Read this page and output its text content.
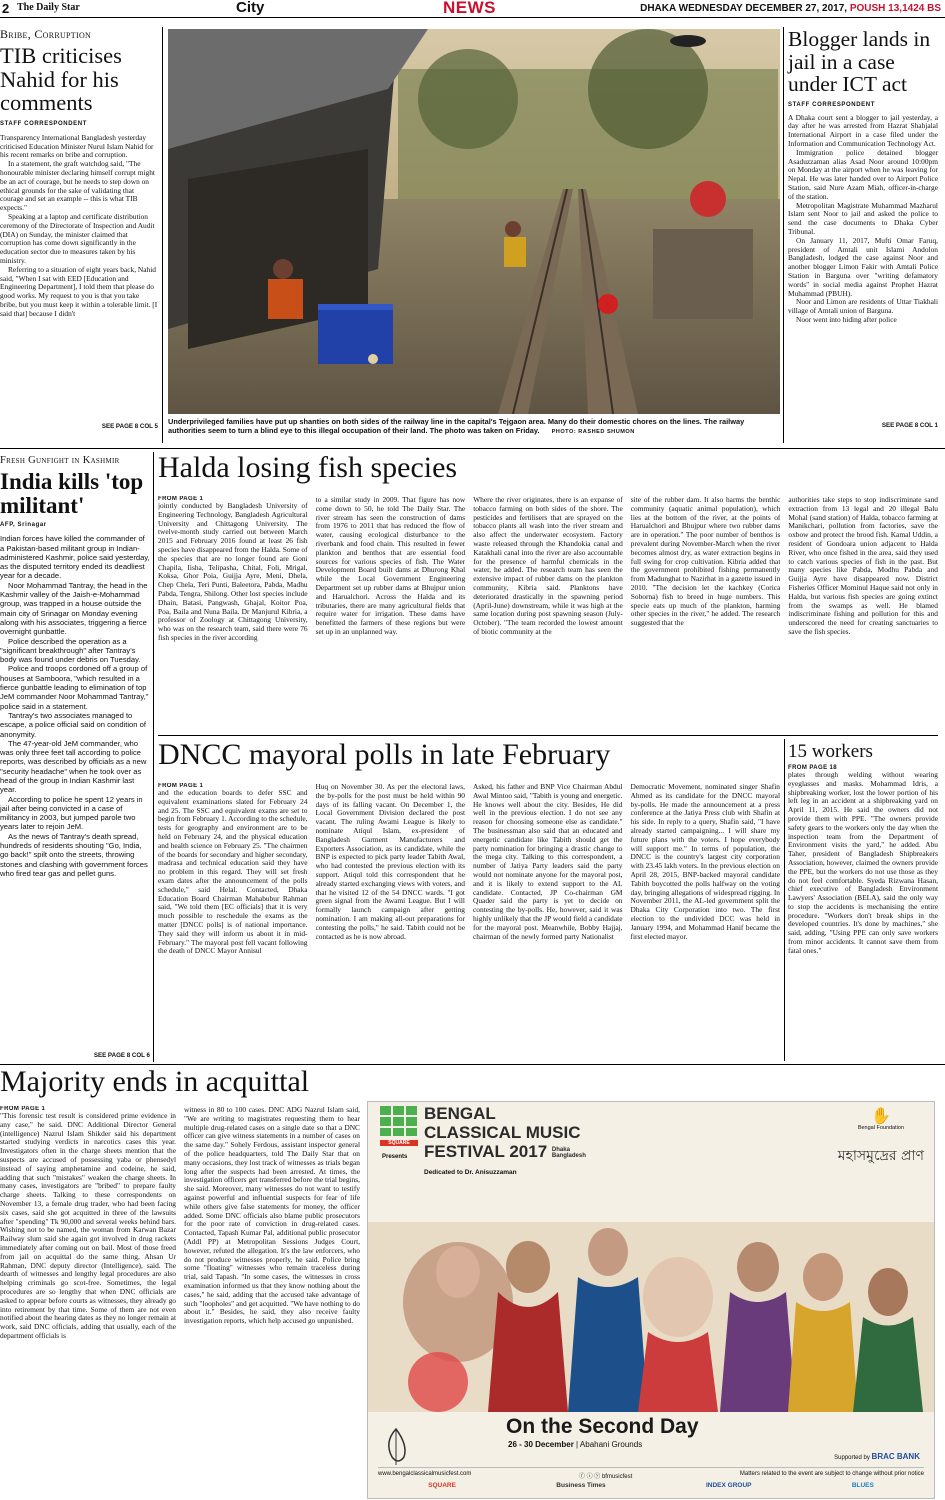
2 The Daily Star	City	NEWS	DHAKA WEDNESDAY DECEMBER 27, 2017, POUSH 13,1424 BS
Bribe, Corruption
TIB criticises Nahid for his comments
STAFF CORRESPONDENT

Transparency International Bangladesh yesterday criticised Education Minister Nurul Islam Nahid for his recent remarks on bribe and corruption.

In a statement, the graft watchdog said, "The honourable minister declaring himself corrupt might be an act of courage, but he needs to step down on ethical grounds for the sake of validating that courage and set an example -- this is what TIB expects."

Speaking at a laptop and certificate distribution ceremony of the Directorate of Inspection and Audit (DIA) on Sunday, the minister claimed that corruption has come down significantly in the education sector due to measures taken by his ministry.

Referring to a situation of eight years back, Nahid said, "When I sat with EED [Education and Engineering Department], I told them that please do good works. My request to you is that you take bribe, but you must keep it within a tolerable limit. [I said that] because I didn't

SEE PAGE 8 COL 5
Underprivileged families have put up shanties on both sides of the railway line in the capital's Tejgaon area. Many do their domestic chores on the lines. The railway authorities seem to turn a blind eye to this illegal occupation of their land. The photo was taken on Friday. PHOTO: RASHED SHUMON
Blogger lands in jail in a case under ICT act
STAFF CORRESPONDENT

A Dhaka court sent a blogger to jail yesterday, a day after he was arrested from Hazrat Shahjalal International Airport in a case filed under the Information and Communication Technology Act.

Immigration police detained blogger Asaduzzaman alias Asad Noor around 10:00pm on Monday at the airport when he was leaving for Nepal. He was later handed over to Airport Police Station, said Nure Azam Miah, officer-in-charge of the station.

Metropolitan Magistrate Muhammad Mazharul Islam sent Noor to jail and asked the police to send the case documents to Dhaka Cyber Tribunal.

On January 11, 2017, Mufti Omar Faruq, president of Amtali unit Islami Andolon Bangladesh, lodged the case against Noor and another blogger Limon Fakir with Amtali Police Station in Barguna over "writing defamatory words" in social media against Prophet Hazrat Muhammad (PBUH).

Noor and Limon are residents of Uttar Tiakhali village of Amtali union of Barguna.

Noor went into hiding after police

SEE PAGE 8 COL 1
Fresh Gunfight in Kashmir
India kills 'top militant'
AFP, Srinagar

Indian forces have killed the commander of a Pakistan-based militant group in Indian-administered Kashmir, police said yesterday, as the disputed territory ended its deadliest year for a decade.

Noor Mohammad Tantray, the head in the Kashmir valley of the Jaish-e-Mohammad group, was trapped in a house outside the main city of Srinagar on Monday evening along with his associates, triggering a fierce overnight gunbattle.

Police described the operation as a "significant breakthrough" after Tantray's body was found under debris on Tuesday.

Police and troops cordoned off a group of houses at Samboora, "which resulted in a fierce gunbattle leading to elimination of top JeM commander Noor Mohammad Tantray," police said in a statement.

Tantray's two associates managed to escape, a police official said on condition of anonymity.

The 47-year-old JeM commander, who was only three feet tall according to police reports, was described by officials as a new "security headache" when he took over as head of the group in Indian Kashmir last year.

According to police he spent 12 years in jail after being convicted in a case of militancy in 2003, but jumped parole two years later to rejoin JeM.

As the news of Tantray's death spread, hundreds of residents shouting "Go, India, go back!" spilt onto the streets, throwing stones and clashing with government forces who fired tear gas and pellet guns.

SEE PAGE 8 COL 6
Halda losing fish species
FROM PAGE 1

jointly conducted by Bangladesh University of Engineering Technology, Bangladesh Agricultural University and Chittagong University. The twelve-month study carried out between March 2015 and February 2016 found at least 26 fish species have disappeared from the Halda. Some of the species that are no longer found are Goni Chapila, Iisha, Telipasha, Chital, Foli, Mrigal, Koksa, Ghor Poia, Guijja Ayre, Meni, Dhela, Chep Chela, Teri Punti, Baleetora, Pabda, Madhu Pabda, Tengra, Shilong. Other lost species include Dhain, Batasi, Pangwash, Ghajal, Koitor Poa, Poa, Baila and Nuna Baila. Dr Manjurul Kibria, a professor of Zoology at Chittagong University, who was on the research team, said there were 76 fish species in the river according

to a similar study in 2009. That figure has now come down to 50, he told The Daily Star. The river stream has seen the construction of dams from 1976 to 2011 that has reduced the flow of water, causing ecological disturbance to the riverbank and food chain. This resulted in fewer plankton and benthos that are essential food sources for various species of fish. The Water Development Board built dams at Dhurong Khal while the Local Government Engineering Department set up rubber dams at Bhujpur union and Harualchori. Across the Halda and its tributaries, there are many agricultural fields that require water for irrigation. These dams have benefitted the farmers of these regions but were set up in an unplanned way.

Where the river originates, there is an expanse of tobacco farming on both sides of the shore. The pesticides and fertilisers that are sprayed on the tobacco plants all wash into the river stream and also affect the underwater ecosystem. Factory waste released through the Khandokia canal and Katakhali canal into the river are also accountable for the presence of harmful chemicals in the water, he added. The research team has seen the extensive impact of rubber dams on the plankton community, Kibria said. Planktons have deteriorated drastically in the spawning period (April-June) downstream, while it was high at the same location during post spawning season (July-October). "The team recorded the lowest amount of biotic community at the

site of the rubber dam. It also harms the benthic community (aquatic animal population), which lies at the bottom of the river, at the points of Harualchori and Bhujpur where two rubber dams are in operation." The poor number of benthos is prevalent during November-March when the river becomes almost dry, as water extraction begins in full swing for crop cultivation. Kibria added that the government prohibited fishing permanently from Madunghat to Nazirhat in a gazette issued in 2010. "The decision let the kachkey (Corica Soborna) fish to breed in huge numbers. This specie eats up much of the plankton, harming other species in the river," he added. The research suggested that the

authorities take steps to stop indiscriminate sand extraction from 13 legal and 20 illegal Balu Mohal (sand station) of Halda, tobacco farming at Manikchari, pollution from factories, save the oxbow and protect the brood fish. Kamal Uddin, a resident of Gondoara union adjacent to Halda River, who once fished in the area, said they used to catch various species of fish in the past. But many species like Pabda, Modhu Pabda and Guijja Ayre have disappeared now. District Fisheries Officer Mominul Haque said not only in Halda, but various fish species are going extinct from the swamps as well. He blamed indiscriminate fishing and pollution for this and underscored the need for creating sanctuaries to save the fish species.

DNCC mayoral polls in late February
FROM PAGE 1

and the education boards to defer SSC and equivalent examinations slated for February 24 and 25. The SSC and equivalent exams are set to begin from February 1. According to the schedule, tests for geography and environment are to be held on February 24, and the physical education and health science on February 25. "The chairmen of the boards for secondary and higher secondary, madrasa and technical education said they have no problem in this regard. They will set fresh exam dates after the announcement of the polls schedule," said Helal. Contacted, Dhaka Education Board Chairman Mahabubur Rahman said, "We told them [EC officials] that it is very much possible to reschedule the exams as the matter [DNCC polls] is of national importance. They said they will inform us about it in mid-February." The mayoral post fell vacant following the death of DNCC Mayor Annisul

Huq on November 30. As per the electoral laws, the by-polls for the post must be held within 90 days of its falling vacant. On December 1, the Local Government Division declared the post vacant. The ruling Awami League is likely to nominate Atiqul Islam, ex-president of Bangladesh Garment Manufacturers and Exporters Association, as its candidate, while the BNP is expected to pick party leader Tabith Awal, who had contested the previous election with its support. Atiqul told this correspondent that he already started exchanging views with voters, and that he visited 12 of the 54 DNCC wards. "I got green signal from the Awami League. But I will formally launch campaign after getting nomination. I am making all-out preparations for contesting the polls," he said. Tabith could not be contacted as he is now abroad.

Asked, his father and BNP Vice Chairman Abdul Awal Mintoo said, "Tabith is young and energetic. He knows well about the city. Besides, He did well in the previous election. I do not see any reason for choosing someone else as candidate." The businessman also said that an educated and energetic candidate like Tabith should get the party nomination for bringing a drastic change to the mega city. Talking to this correspondent, a number of Jatiya Party leaders said the party would not nominate anyone for the mayoral post, and it is likely to extend support to the AL candidate. Contacted, JP Co-chairman GM Quader said the party is yet to decide on contesting the by-polls. He, however, said it was highly unlikely that the JP would field a candidate for the mayoral post. Meanwhile, Bobby Hajjaj, chairman of the newly formed party Nationalist

Democratic Movement, nominated singer Shafin Ahmed as its candidate for the DNCC mayoral by-polls. He made the announcement at a press conference at the Jatiya Press club with Shafin at his side. In reply to a query, Shafin said, "I have already started campaigning... I will share my future plans with the voters. I hope everybody will support me." In terms of population, the DNCC is the country's largest city corporation with 23.45 lakh voters. In the previous election on April 28, 2015, BNP-backed mayoral candidate Tabith boycotted the polls halfway on the voting day, bringing allegations of widespread rigging. In November 2011, the AL-led government split the Dhaka City Corporation into two. The first election to the undivided DCC was held in January 1994, and Mohammad Hanif became the first elected mayor.

15 workers
FROM PAGE 18

plates through welding without wearing eyeglasses and masks. Mohammad Idris, a shipbreaking worker, lost the lower portion of his left leg in an accident at a shipbreaking yard on April 11, 2015. He said the owners did not provide them with PPE. "The owners provide safety gears to the workers only the day when the inspection team from the Department of Environment visits the yard," he added. Abu Taher, president of Bangladesh Shipbreakers Association, however, claimed the owners provide the PPE, but the workers do not use those as they do not feel comfortable. Syeda Rizwana Hasan, chief executive of Bangladesh Environment Lawyers' Association (BELA), said the only way to stop the accidents is mechanising the entire procedure. "Workers don't break ships in the developed countries. It's done by machines," she said, adding, "Using PPE can only save workers from minor accidents. It cannot save them from fatal ones."

Majority ends in acquittal
FROM PAGE 1

"This forensic test result is considered prime evidence in any case," he said. DNC Additional Director General (intelligence) Nazrul Islam Shikder said his department started studying verdicts in narcotics cases this year. Investigators often in the charge sheets mention that the suspects are accused of possessing yaba or phensedyl instead of saying amphetamine and codeine, he said, adding that such "mistakes" weaken the charge sheets. In many cases, investigators are "bribed" to prepare faulty charge sheets. Talking to these correspondents on November 13, a female drug trader, who had been facing six cases, said she got acquitted in three of the lawsuits after "spending" Tk 90,000 and several weeks behind bars. Wishing not to be named, the woman from Karwan Bazar Railway slum said she again got involved in drug rackets immediately after coming out on bail. Most of those freed from jail on acquittal do the same thing, Ahsan Ur Rahman, DNC deputy director (Intelligence), said. The dearth of witnesses and lengthy legal procedures are also helping criminals go scot-free. Sometimes, the legal procedures are so lengthy that when DNC officials are asked to appear before courts as witnesses, they already go into retirement by that time. Some of them are not even notified about the hearing dates as they no longer remain at work, said DNC officials, adding that usually, each of the department officials is

witness in 80 to 100 cases. DNC ADG Nazrul Islam said, "We are writing to magistrates requesting them to hear multiple drug-related cases on a single date so that a DNC officer can give witness statements in a number of cases on the same day." Sohely Ferdous, assistant inspector general of the police headquarters, told The Daily Star that on many occasions, they lost track of witnesses as trials began long after the suspects had been arrested. At times, the investigation officers get transferred before the trial begins, she said. Moreover, many witnesses do not want to testify against powerful and influential suspects for fear of life while others give false statements for money, the officer added. Some DNC officials also blame public prosecutors for the poor rate of conviction in drug-related cases. Contacted, Tapash Kumar Pal, additional public prosecutor (Addl PP) at Metropolitan Sessions Judges Court, however, refuted the allegation. It's the law enforcers, who do not produce witnesses properly, he said. Police bring some "floating" witnesses who remain traceless during trial, said Tapash. "In some cases, the witnesses in cross examination informed us that they know nothing about the cases," he said, adding that the accused take advantage of such "loopholes" and get acquitted. "We have nothing to do about it." Besides, he said, they also receive faulty investigation reports, which help accused go unpunished.

SQUARE
Presents
BENGAL
CLASSICAL MUSIC
FESTIVAL 2017 Dhaka
Bangladesh
Dedicated to Dr. Anisuzzaman
✋
Bengal Foundation
মহাসমুদ্রের প্রাণ
On the Second Day
26 - 30 December | Abahani Grounds
Supported by BRAC BANK
www.bengalclassicalmusicfest.com	ⓕ ⓘ ⓨ bfmusicfest	Matters related to the event are subject to change without prior notice
SQUARE	Business Times	INDEX GROUP	BLUES
